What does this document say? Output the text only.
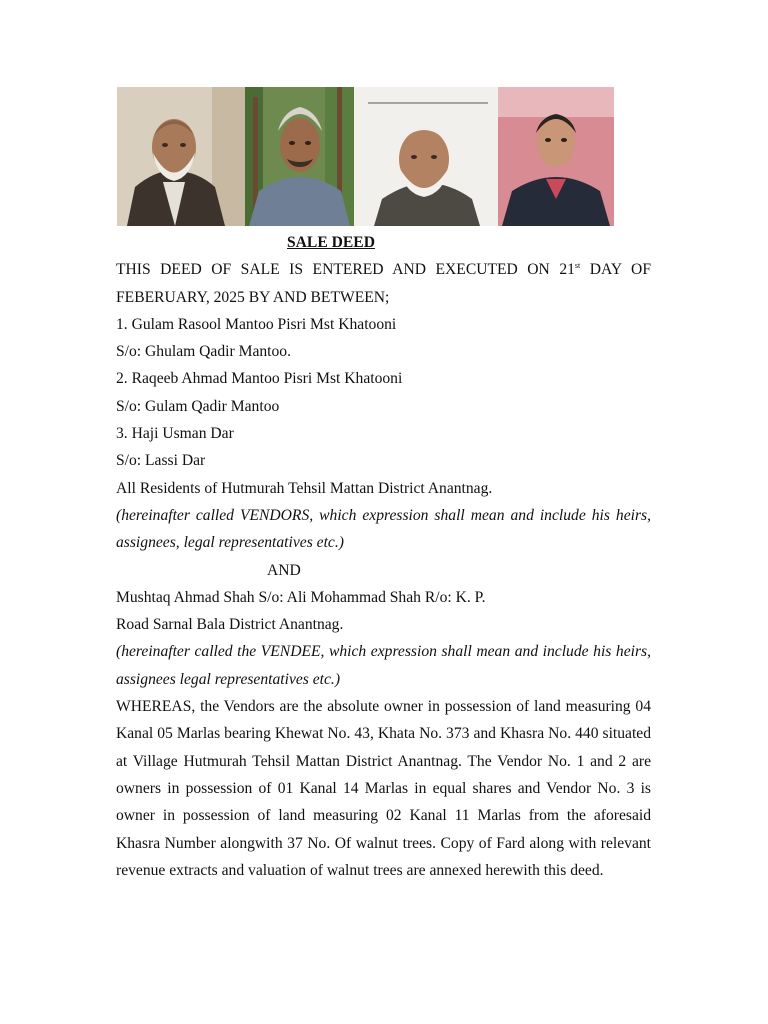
SALE DEED
THIS DEED OF SALE IS ENTERED AND EXECUTED ON 21st DAY OF
FEBERUARY, 2025 BY AND BETWEEN;
1. Gulam Rasool Mantoo Pisri Mst Khatooni
S/o: Ghulam Qadir Mantoo.
2. Raqeeb Ahmad Mantoo Pisri Mst Khatooni
S/o: Gulam Qadir Mantoo
3. Haji Usman Dar
S/o: Lassi Dar
All Residents of Hutmurah Tehsil Mattan District Anantnag.
(hereinafter called VENDORS, which expression shall mean and include his heirs, assignees, legal representatives etc.)
AND
Mushtaq Ahmad Shah S/o: Ali Mohammad Shah R/o: K. P.
Road Sarnal Bala District Anantnag.
(hereinafter called the VENDEE, which expression shall mean and include his heirs, assignees legal representatives etc.)
WHEREAS, the Vendors are the absolute owner in possession of land measuring 04 Kanal 05 Marlas bearing Khewat No. 43, Khata No. 373 and Khasra No. 440 situated at Village Hutmurah Tehsil Mattan District Anantnag. The Vendor No. 1 and 2 are owners in possession of 01 Kanal 14 Marlas in equal shares and Vendor No. 3 is owner in possession of land measuring 02 Kanal 11 Marlas from the aforesaid Khasra Number alongwith 37 No. Of walnut trees. Copy of Fard along with relevant revenue extracts and valuation of walnut trees are annexed herewith this deed.
